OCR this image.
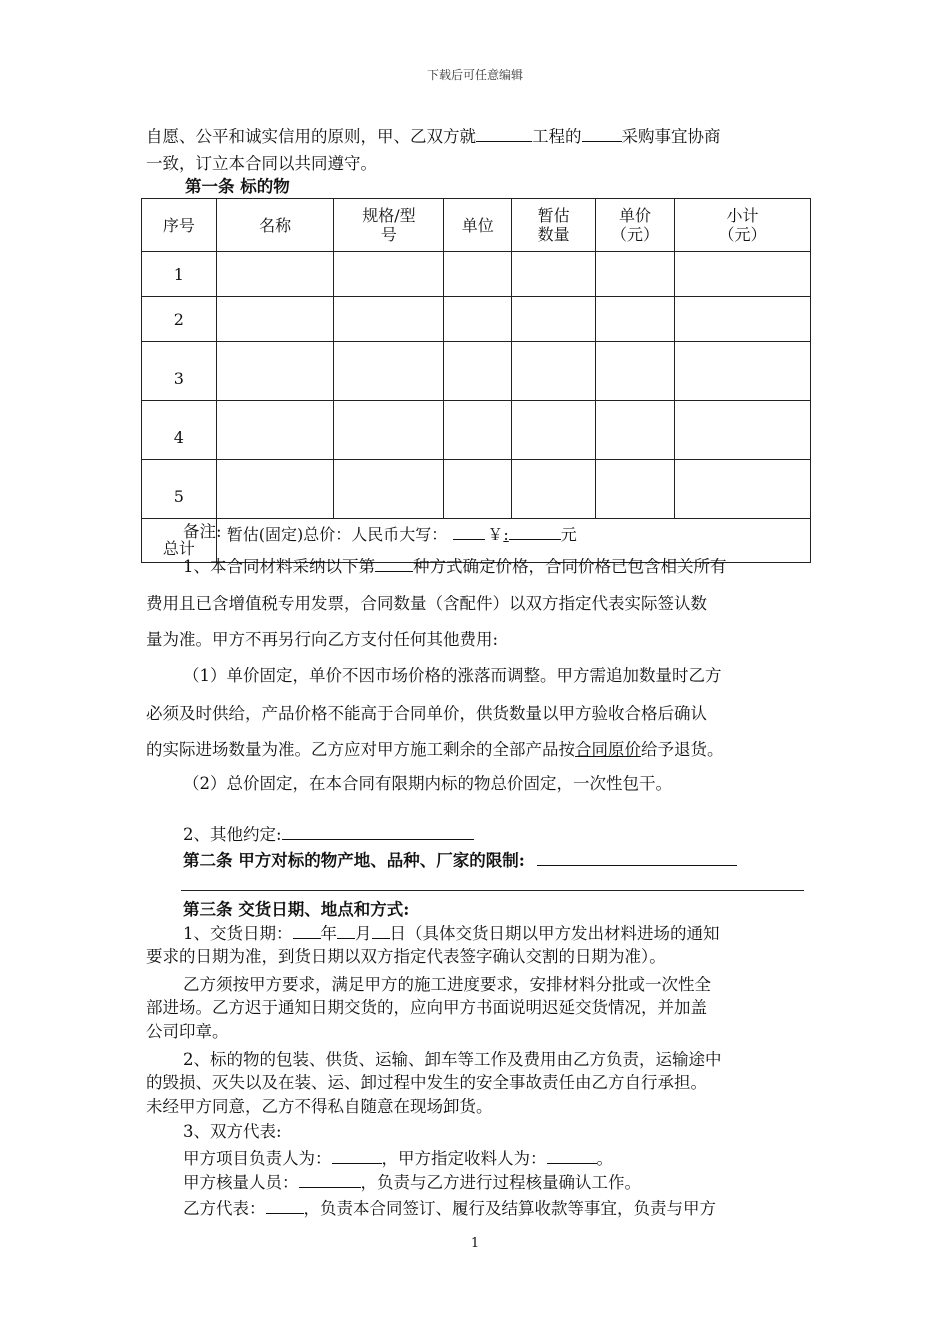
下载后可任意编辑
自愿、公平和诚实信用的原则，甲、乙双方就	工程的 采购事宜协商
一致，订立本合同以共同遵守。
第一条 标的物
序号	名称	规格/型号	单位	暂估数量	单价（元）	小计（元）
1						
2						
3						
4						
5						
总计	暂估(固定)总价：人民币大写： ￥: 元					
备注:
1、本合同材料采纳以下第 种方式确定价格，合同价格已包含相关所有
费用且已含增值税专用发票，合同数量（含配件）以双方指定代表实际签认数
量为准。甲方不再另行向乙方支付任何其他费用:
（1）单价固定，单价不因市场价格的涨落而调整。甲方需追加数量时乙方
必须及时供给，产品价格不能高于合同单价，供货数量以甲方验收合格后确认
的实际进场数量为准。乙方应对甲方施工剩余的全部产品按合同原价给予退货。
（2）总价固定，在本合同有限期内标的物总价固定，一次性包干。
2、其他约定:
第二条 甲方对标的物产地、品种、厂家的限制:
第三条 交货日期、地点和方式:
1、交货日期： 年 月 日（具体交货日期以甲方发出材料进场的通知
要求的日期为准，到货日期以双方指定代表签字确认交割的日期为准）。
乙方须按甲方要求，满足甲方的施工进度要求，安排材料分批或一次性全
部进场。乙方迟于通知日期交货的，应向甲方书面说明迟延交货情况，并加盖
公司印章。
2、标的物的包装、供货、运输、卸车等工作及费用由乙方负责，运输途中
的毁损、灭失以及在装、运、卸过程中发生的安全事故责任由乙方自行承担。
未经甲方同意，乙方不得私自随意在现场卸货。
3、双方代表:
甲方项目负责人为：	，甲方指定收料人为：	。
甲方核量人员：	，负责与乙方进行过程核量确认工作。
乙方代表： ，负责本合同签订、履行及结算收款等事宜，负责与甲方
1
